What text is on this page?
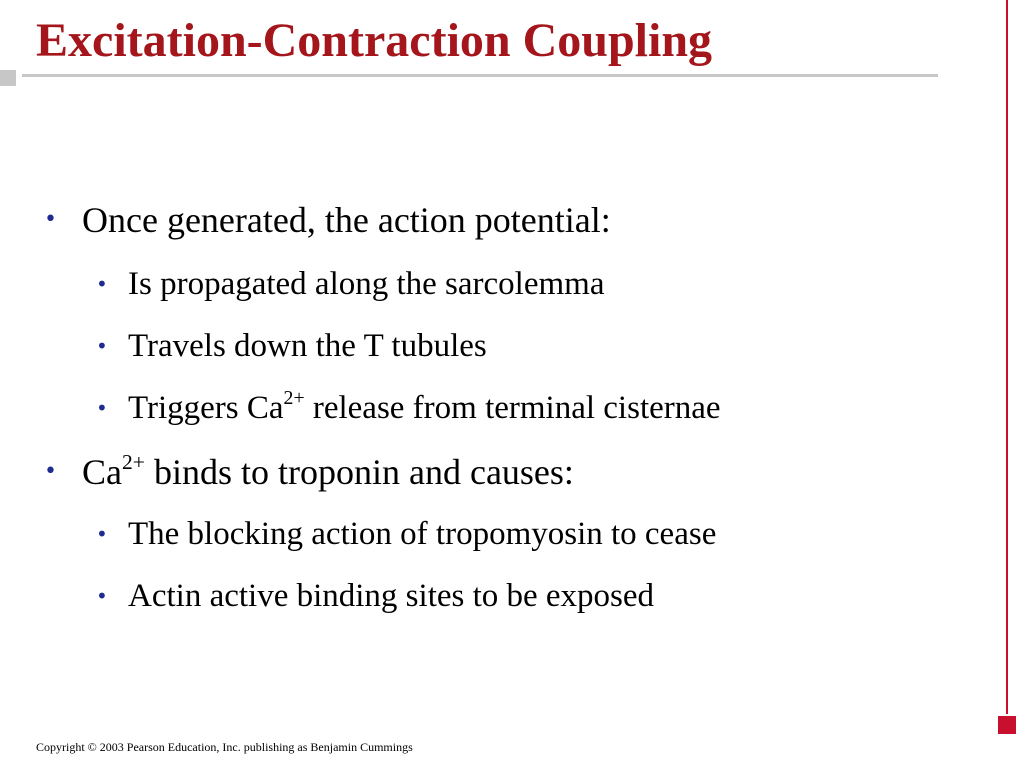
Excitation-Contraction Coupling
• Once generated, the action potential:
• Is propagated along the sarcolemma
• Travels down the T tubules
• Triggers $Ca^{2+}$ release from terminal cisternae
• $Ca^{2+}$ binds to troponin and causes:
• The blocking action of tropomyosin to cease
• Actin active binding sites to be exposed
Copyright © 2003 Pearson Education, Inc. publishing as Benjamin Cummings
